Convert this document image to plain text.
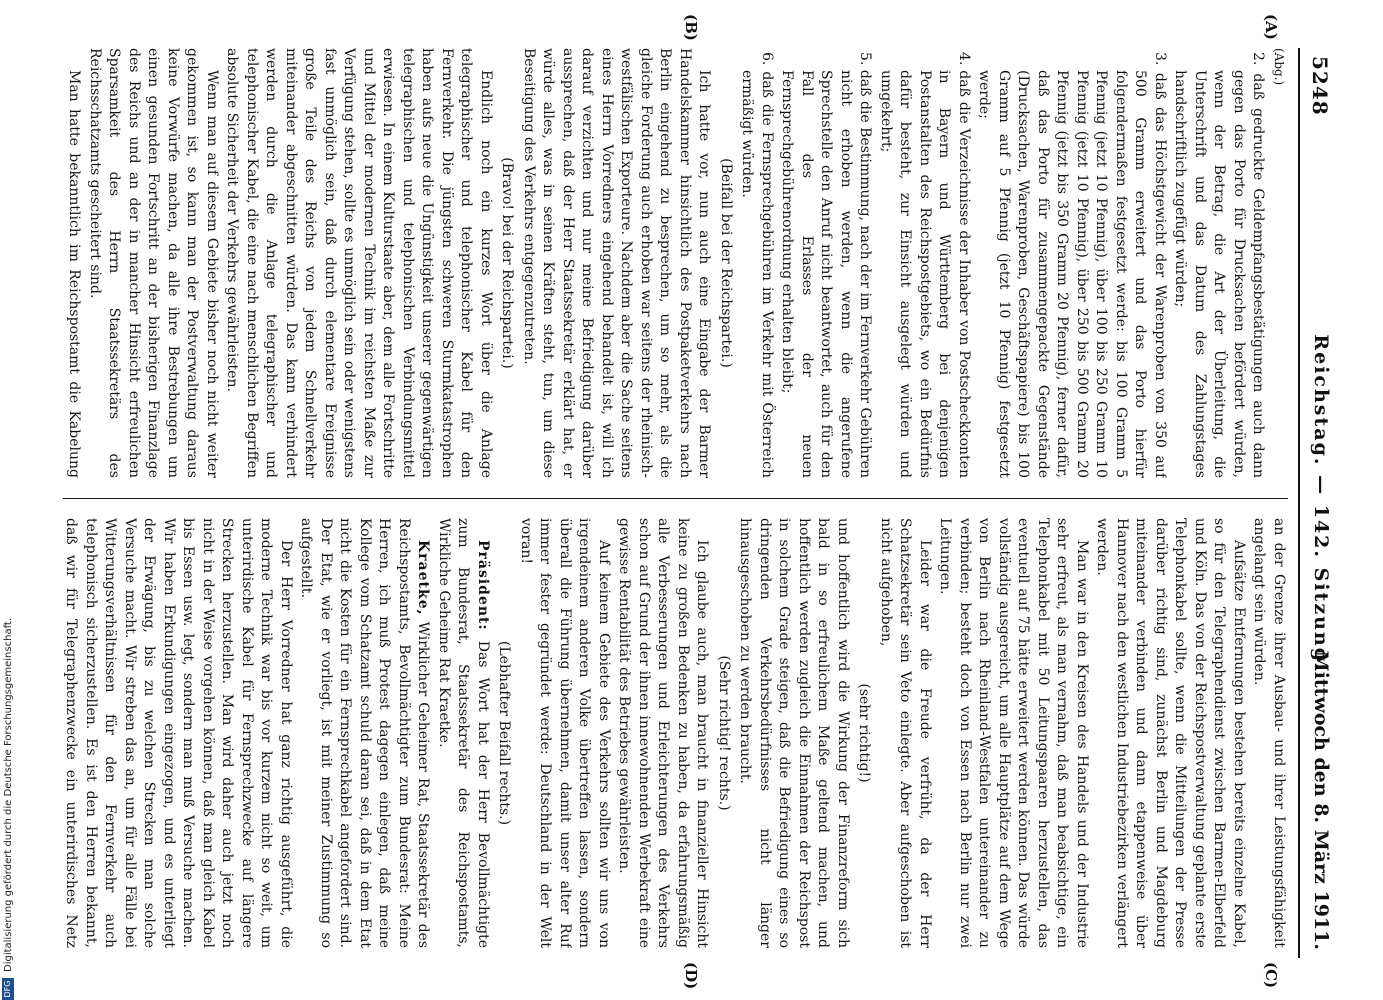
5248
Reichstag. — 142. Sitzung.
Mittwoch den 8. März 1911.
(A)
(B)
(C)
(D)

(Abg.)

2. daß gedruckte Geldempfangsbestätigungen auch dann gegen das Porto für Drucksachen befördert würden, wenn der Betrag, die Art der Überleitung, die Unterschrift und das Datum des Zahlungstages handschriftlich zugefügt würden;

3. daß das Höchstgewicht der Warenproben von 350 auf 500 Gramm erweitert und das Porto hierfür folgendermaßen festgesetzt werde: bis 100 Gramm 5 Pfennig (jetzt 10 Pfennig), über 100 bis 250 Gramm 10 Pfennig (jetzt 10 Pfennig), über 250 bis 500 Gramm 20 Pfennig (jetzt bis 350 Gramm 20 Pfennig), ferner dafür, daß das Porto für zusammengepackte Gegenstände (Drucksachen, Warenproben, Geschäftspapiere) bis 100 Gramm auf 5 Pfennig (jetzt 10 Pfennig) festgesetzt werde;

4. daß die Verzeichnisse der Inhaber von Postscheckkonten in Bayern und Württemberg bei denjenigen Postanstalten des Reichspostgebiets, wo ein Bedürfnis dafür besteht, zur Einsicht ausgelegt würden und umgekehrt;

5. daß die Bestimmung, nach der im Fernverkehr Gebühren nicht erhoben werden, wenn die angerufene Sprechstelle den Anruf nicht beantwortet, auch für den Fall des Erlasses der neuen Fernsprechgebührenordnung erhalten bleibt;

6. daß die Fernsprechgebühren im Verkehr mit Österreich ermäßigt würden.

(Beifall bei der Reichspartei.)

Ich hatte vor, nun auch eine Eingabe der Barmer Handelskammer hinsichtlich des Postpaketverkehrs nach Berlin eingehend zu besprechen, um so mehr, als die gleiche Forderung auch erhoben war seitens der rheinisch-westfälischen Exporteure. Nachdem aber die Sache seitens eines Herrn Vorredners eingehend behandelt ist, will ich darauf verzichten und nur meine Befriedigung darüber aussprechen, daß der Herr Staatssekretär erklärt hat, er würde alles, was in seinen Kräften steht, tun, um diese Beseitigung des Verkehrs entgegenzutreten.

(Bravo! bei der Reichspartei.)

Endlich noch ein kurzes Wort über die Anlage telegraphischer und telephonischer Kabel für den Fernverkehr. Die jüngsten schweren Sturmkatastrophen haben aufs neue die Ungünstigkeit unserer gegenwärtigen telegraphischen und telephonischen Verbindungsmittel erwiesen. In einem Kulturstaate aber, dem alle Fortschritte und Mittel der modernen Technik im reichsten Maße zur Verfügung stehen, sollte es unmöglich sein oder wenigstens fast unmöglich sein, daß durch elementare Ereignisse große Teile des Reichs von jedem Schnellverkehr miteinander abgeschnitten würden. Das kann verhindert werden durch die Anlage telegraphischer und telephonischer Kabel, die eine nach menschlichen Begriffen absolute Sicherheit der Verkehrs gewährleisten.

Wenn man auf diesem Gebiete bisher noch nicht weiter gekommen ist, so kann man der Postverwaltung daraus keine Vorwürfe machen, da alle ihre Bestrebungen um einen gesunden Fortschritt an der bisherigen Finanzlage des Reichs und an der in mancher Hinsicht erfreulichen Sparsamkeit des Herrn Staatssekretärs des Reichsschatzamts gescheitert sind.

Man hatte bekanntlich im Reichspostamt die Kabelung

an der Grenze ihrer Ausbau- und ihrer Leistungsfähigkeit angelangt sein würden.

Aufsätze Entfernungen bestehen bereits einzelne Kabel, so für den Telegraphendienst zwischen Barmen-Elberfeld und Köln. Das von der Reichspostverwaltung geplante erste Telephonkabel sollte, wenn die Mitteilungen der Presse darüber richtig sind, zunächst Berlin und Magdeburg miteinander verbinden und dann etappenweise über Hannover nach den westlichen Industriebezirken verlängert werden.

Man war in den Kreisen des Handels und der Industrie sehr erfreut, als man vernahm, daß man beabsichtige, ein Telephonkabel mit 50 Leitungspaaren herzustellen, das eventuell auf 75 hätte erweitert werden können. Das würde vollständig ausgereicht, um alle Hauptplätze auf dem Wege von Berlin nach Rheinland-Westfalen untereinander zu verbinden; besteht doch von Essen nach Berlin nur zwei Leitungen.

Leider war die Freude verfrüht, da der Herr Schatzsekretär sein Veto einlegte. Aber aufgeschoben ist nicht aufgehoben,

(sehr richtig!)

und hoffentlich wird die Wirkung der Finanzreform sich bald in so erfreulichem Maße geltend machen, und hoffentlich werden zugleich die Einnahmen der Reichspost in solchem Grade steigen, daß die Befriedigung eines so dringenden Verkehrsbedürfnisses nicht länger hinausgeschoben zu werden braucht.

(Sehr richtig! rechts.)

Ich glaube auch, man braucht in finanzieller Hinsicht keine zu großen Bedenken zu haben, da erfahrungsmäßig alle Verbesserungen und Erleichterungen des Verkehrs schon auf Grund der ihnen innewohnenden Werbekraft eine gewisse Rentabilität des Betriebes gewährleisten.

Auf keinem Gebiete des Verkehrs sollten wir uns von irgendeinem anderen Volke übertreffen lassen, sondern überall die Führung übernehmen, damit unser alter Ruf immer fester gegründet werde: Deutschland in der Welt voran!

(Lebhafter Beifall rechts.)

Präsident: Das Wort hat der Herr Bevollmächtigte zum Bundesrat, Staatssekretär des Reichspostamts, Wirkliche Geheime Rat Kraetke.

Kraetke, Wirklicher Geheimer Rat, Staatssekretär des Reichspostamts, Bevollmächtigter zum Bundesrat: Meine Herren, ich muß Protest dagegen einlegen, daß meine Kollege vom Schatzamt schuld daran sei, daß in dem Etat nicht die Kosten für ein Fernsprechkabel angefordert sind. Der Etat, wie er vorliegt, ist mit meiner Zustimmung so aufgestellt.

Der Herr Vorredner hat ganz richtig ausgeführt, die moderne Technik war bis vor kurzem nicht so weit, um unterirdische Kabel für Fernsprechzwecke auf längere Strecken herzustellen. Man wird daher auch jetzt noch nicht in der Weise vorgehen können, daß man gleich Kabel bis Essen usw. legt, sondern man muß Versuche machen. Wir haben Erkundigungen eingezogen, und es unterliegt der Erwägung, bis zu welchen Strecken man solche Versuche macht. Wir streben das an, um für alle Fälle bei Witterungsverhältnissen für den Fernverkehr auch telephonisch sicherzustellen. Es ist den Herren bekannt, daß wir für Telegraphenzwecke ein unterirdisches Netz

DFGDigitalisierung gefördert durch die Deutsche Forschungsgemeinschaft.
